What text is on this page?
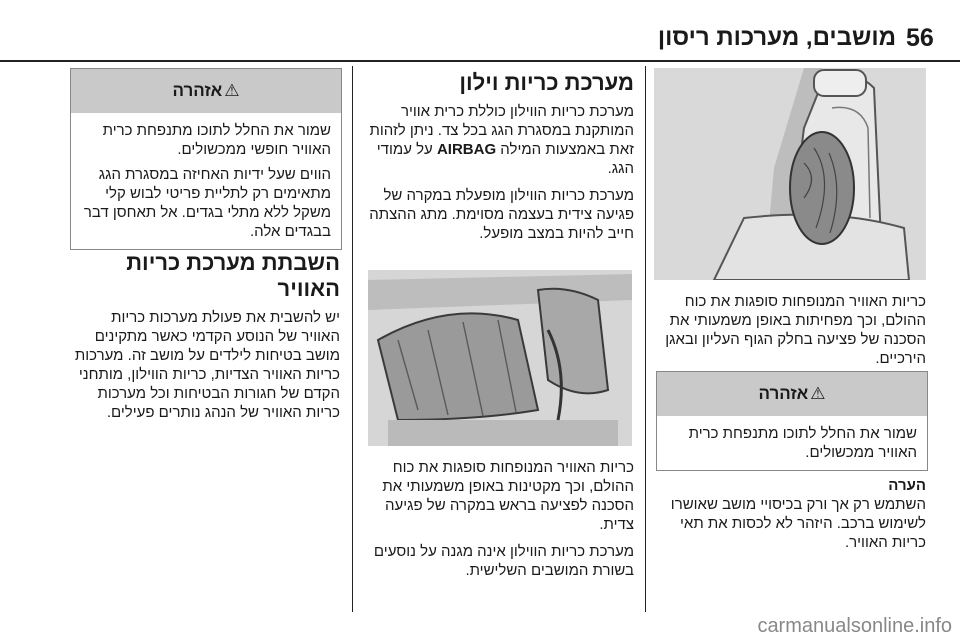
56
מושבים, מערכות ריסון

כריות האוויר המנופחות סופגות את כוח ההולם, וכך מפחיתות באופן משמעותי את הסכנה של פציעה בחלק הגוף העליון ובאגן הירכיים.

⚠
אזהרה
שמור את החלל לתוכו מתנפחת כרית האוויר ממכשולים.
הערה

השתמש רק אך ורק בכיסויי מושב שאושרו לשימוש ברכב. היזהר לא לכסות את תאי כריות האוויר.

מערכת כריות וילון

מערכת כריות הווילון כוללת כרית אוויר המותקנת במסגרת הגג בכל צד. ניתן לזהות זאת באמצעות המילה AIRBAG על עמודי הגג.

מערכת כריות הווילון מופעלת במקרה של פגיעה צידית בעצמה מסוימת. מתג ההצתה חייב להיות במצב מופעל.

כריות האוויר המנופחות סופגות את כוח ההולם, וכך מקטינות באופן משמעותי את הסכנה לפציעה בראש במקרה של פגיעה צדית.

מערכת כריות הווילון אינה מגנה על נוסעים בשורת המושבים השלישית.

⚠
אזהרה

שמור את החלל לתוכו מתנפחת כרית האוויר חופשי ממכשולים.

הווים שעל ידיות האחיזה במסגרת הגג מתאימים רק לתליית פריטי לבוש קלי משקל ללא מתלי בגדים. אל תאחסן דבר בבגדים אלה.

השבתת מערכת כריות האוויר

יש להשבית את פעולת מערכות כריות האוויר של הנוסע הקדמי כאשר מתקינים מושב בטיחות לילדים על מושב זה. מערכות כריות האוויר הצדיות, כריות הווילון, מותחני הקדם של חגורות הבטיחות וכל מערכות כריות האוויר של הנהג נותרים פעילים.

carmanualsonline.info
